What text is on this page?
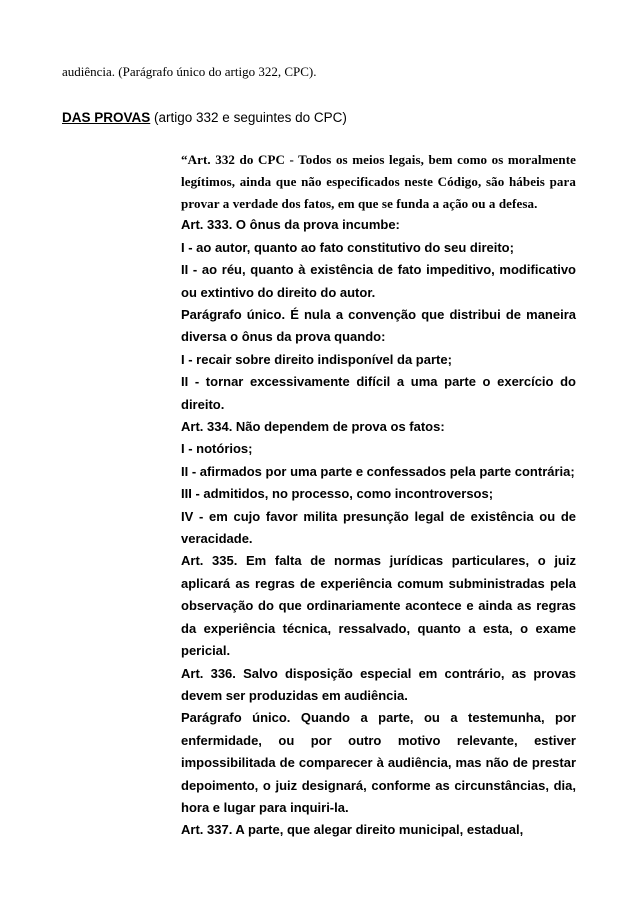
audiência. (Parágrafo único do artigo 322, CPC).
DAS PROVAS (artigo 332 e seguintes do CPC)

“Art. 332 do CPC - Todos os meios legais, bem como os moralmente legítimos, ainda que não especificados neste Código, são hábeis para provar a verdade dos fatos, em que se funda a ação ou a defesa.

Art. 333. O ônus da prova incumbe:

I - ao autor, quanto ao fato constitutivo do seu direito;

II - ao réu, quanto à existência de fato impeditivo, modificativo ou extintivo do direito do autor.

Parágrafo único. É nula a convenção que distribui de maneira diversa o ônus da prova quando:

I - recair sobre direito indisponível da parte;

II - tornar excessivamente difícil a uma parte o exercício do direito.

Art. 334. Não dependem de prova os fatos:

I - notórios;

II - afirmados por uma parte e confessados pela parte contrária;

III - admitidos, no processo, como incontroversos;

IV - em cujo favor milita presunção legal de existência ou de veracidade.

Art. 335. Em falta de normas jurídicas particulares, o juiz aplicará as regras de experiência comum subministradas pela observação do que ordinariamente acontece e ainda as regras da experiência técnica, ressalvado, quanto a esta, o exame pericial.

Art. 336. Salvo disposição especial em contrário, as provas devem ser produzidas em audiência.

Parágrafo único. Quando a parte, ou a testemunha, por enfermidade, ou por outro motivo relevante, estiver impossibilitada de comparecer à audiência, mas não de prestar depoimento, o juiz designará, conforme as circunstâncias, dia, hora e lugar para inquiri-la.

Art. 337. A parte, que alegar direito municipal, estadual,
